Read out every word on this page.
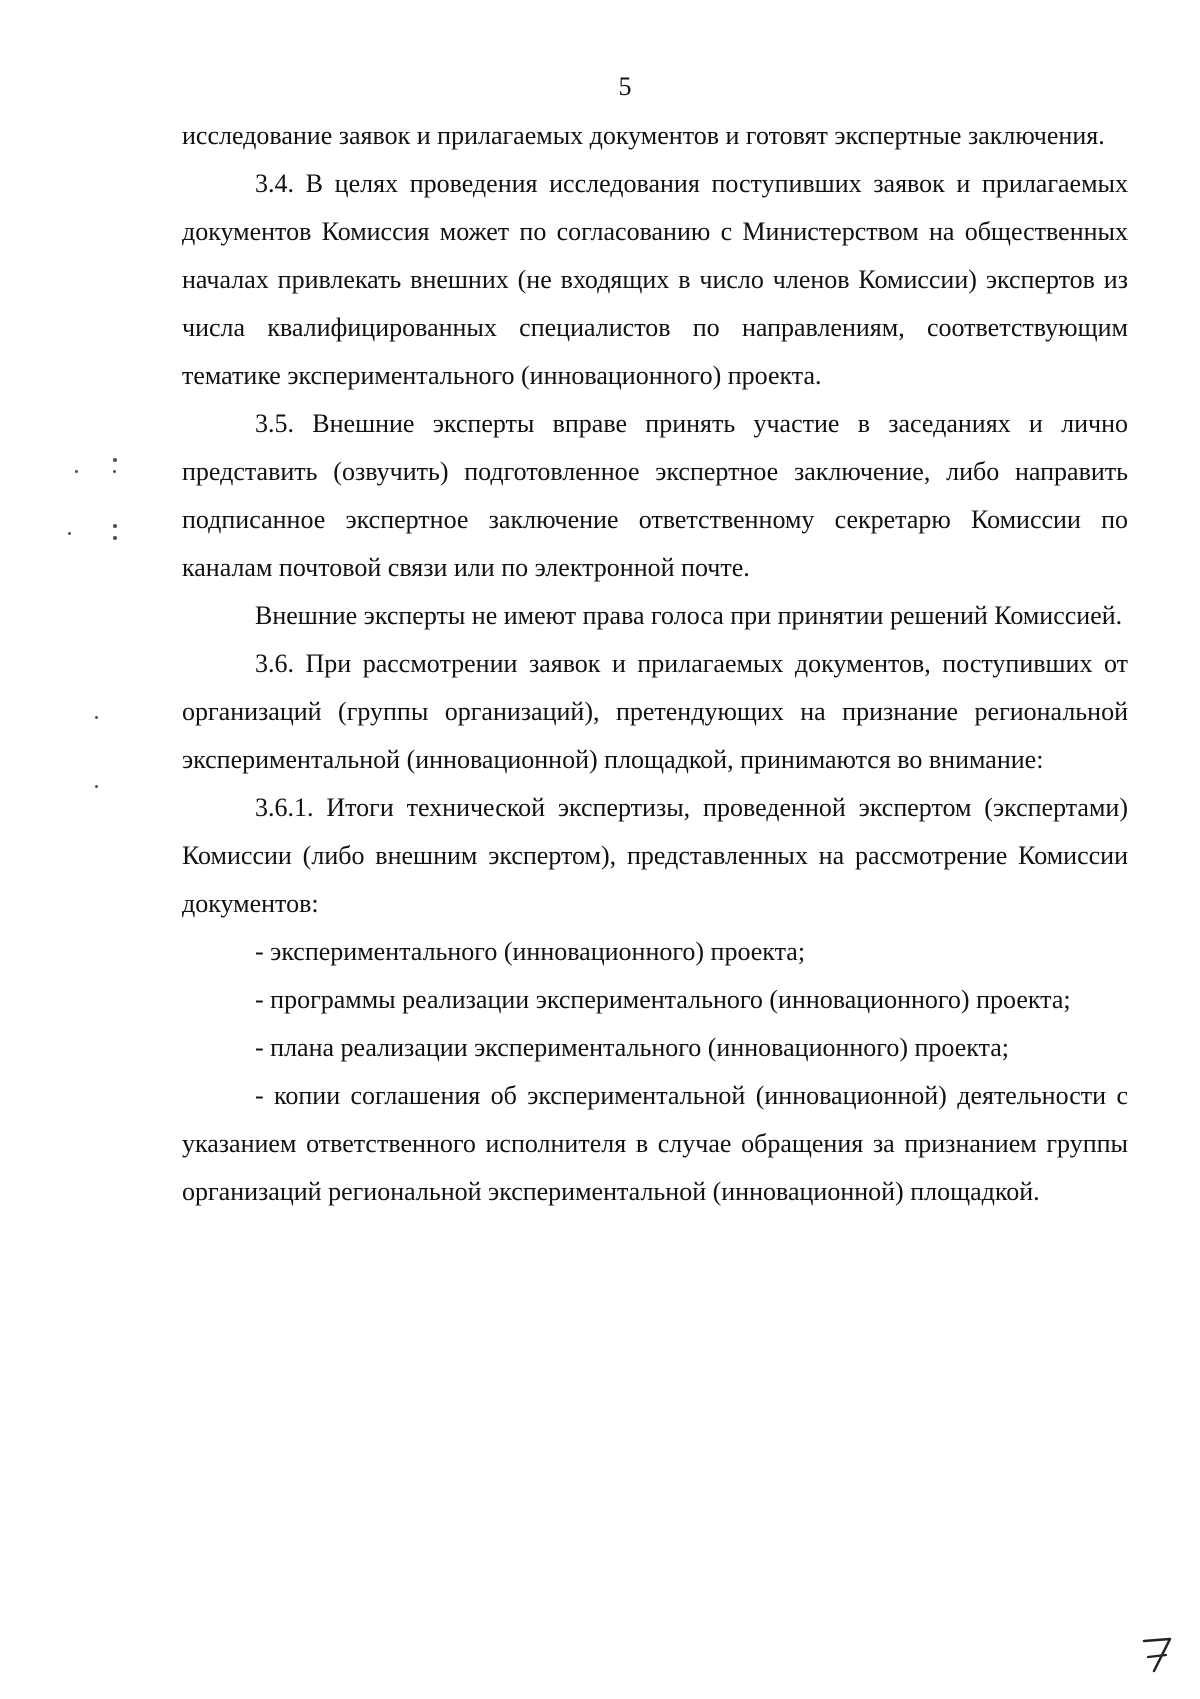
5

исследование заявок и прилагаемых документов и готовят экспертные заключения.

3.4. В целях проведения исследования поступивших заявок и прилагаемых документов Комиссия может по согласованию с Министерством на общественных началах привлекать внешних (не входящих в число членов Комиссии) экспертов из числа квалифицированных специалистов по направлениям, соответствующим тематике экспериментального (инновационного) проекта.

3.5. Внешние эксперты вправе принять участие в заседаниях и лично представить (озвучить) подготовленное экспертное заключение, либо направить подписанное экспертное заключение ответственному секретарю Комиссии по каналам почтовой связи или по электронной почте.

Внешние эксперты не имеют права голоса при принятии решений Комиссией.

3.6. При рассмотрении заявок и прилагаемых документов, поступивших от организаций (группы организаций), претендующих на признание региональной экспериментальной (инновационной) площадкой, принимаются во внимание:

3.6.1. Итоги технической экспертизы, проведенной экспертом (экспертами) Комиссии (либо внешним экспертом), представленных на рассмотрение Комиссии документов:

- экспериментального (инновационного) проекта;

- программы реализации экспериментального (инновационного) проекта;

- плана реализации экспериментального (инновационного) проекта;

- копии соглашения об экспериментальной (инновационной) деятельности с указанием ответственного исполнителя в случае обращения за признанием группы организаций региональной экспериментальной (инновационной) площадкой.
